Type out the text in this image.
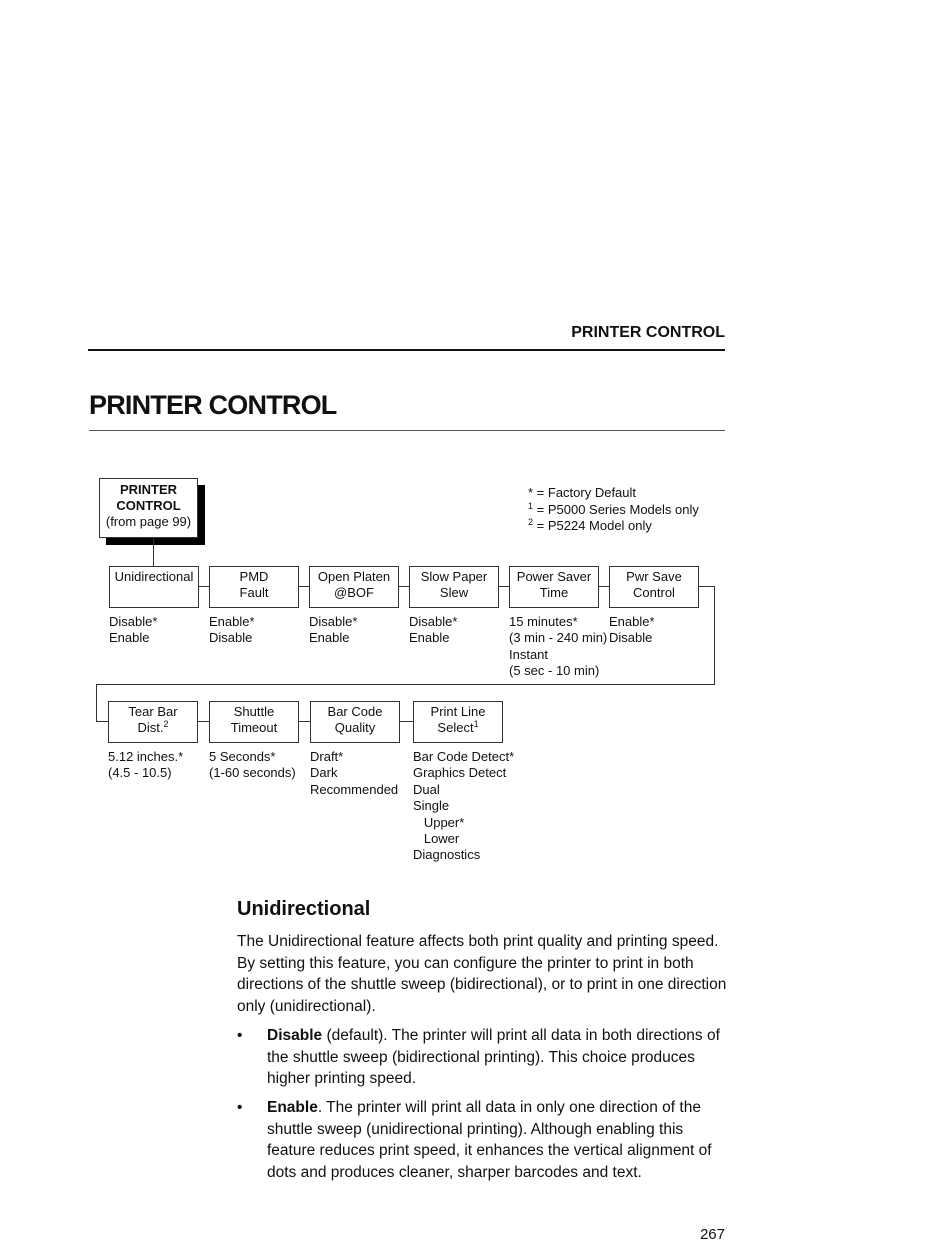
PRINTER CONTROL
PRINTER CONTROL
PRINTER
CONTROL
(from page 99)
* = Factory Default
$^1$ = P5000 Series Models only
$^2$ = P5224 Model only
Unidirectional
Disable*
Enable
PMD
Fault
Enable*
Disable
Open Platen
@BOF
Disable*
Enable
Slow Paper
Slew
Disable*
Enable
Power Saver
Time
15 minutes*
(3 min - 240 min)
Instant
(5 sec - 10 min)
Pwr Save
Control
Enable*
Disable
Tear Bar
Dist.$^2$
5.12 inches.*
(4.5 - 10.5)
Shuttle
Timeout
5 Seconds*
(1-60 seconds)
Bar Code
Quality
Draft*
Dark
Recommended
Print Line
Select$^1$
Bar Code Detect*
Graphics Detect
Dual
Single
Upper*
Lower
Diagnostics
Unidirectional
The Unidirectional feature affects both print quality and printing speed. By setting this feature, you can configure the printer to print in both directions of the shuttle sweep (bidirectional), or to print in one direction only (unidirectional).
• Disable (default). The printer will print all data in both directions of the shuttle sweep (bidirectional printing). This choice produces higher printing speed.
• Enable. The printer will print all data in only one direction of the shuttle sweep (unidirectional printing). Although enabling this feature reduces print speed, it enhances the vertical alignment of dots and produces cleaner, sharper barcodes and text.
267
